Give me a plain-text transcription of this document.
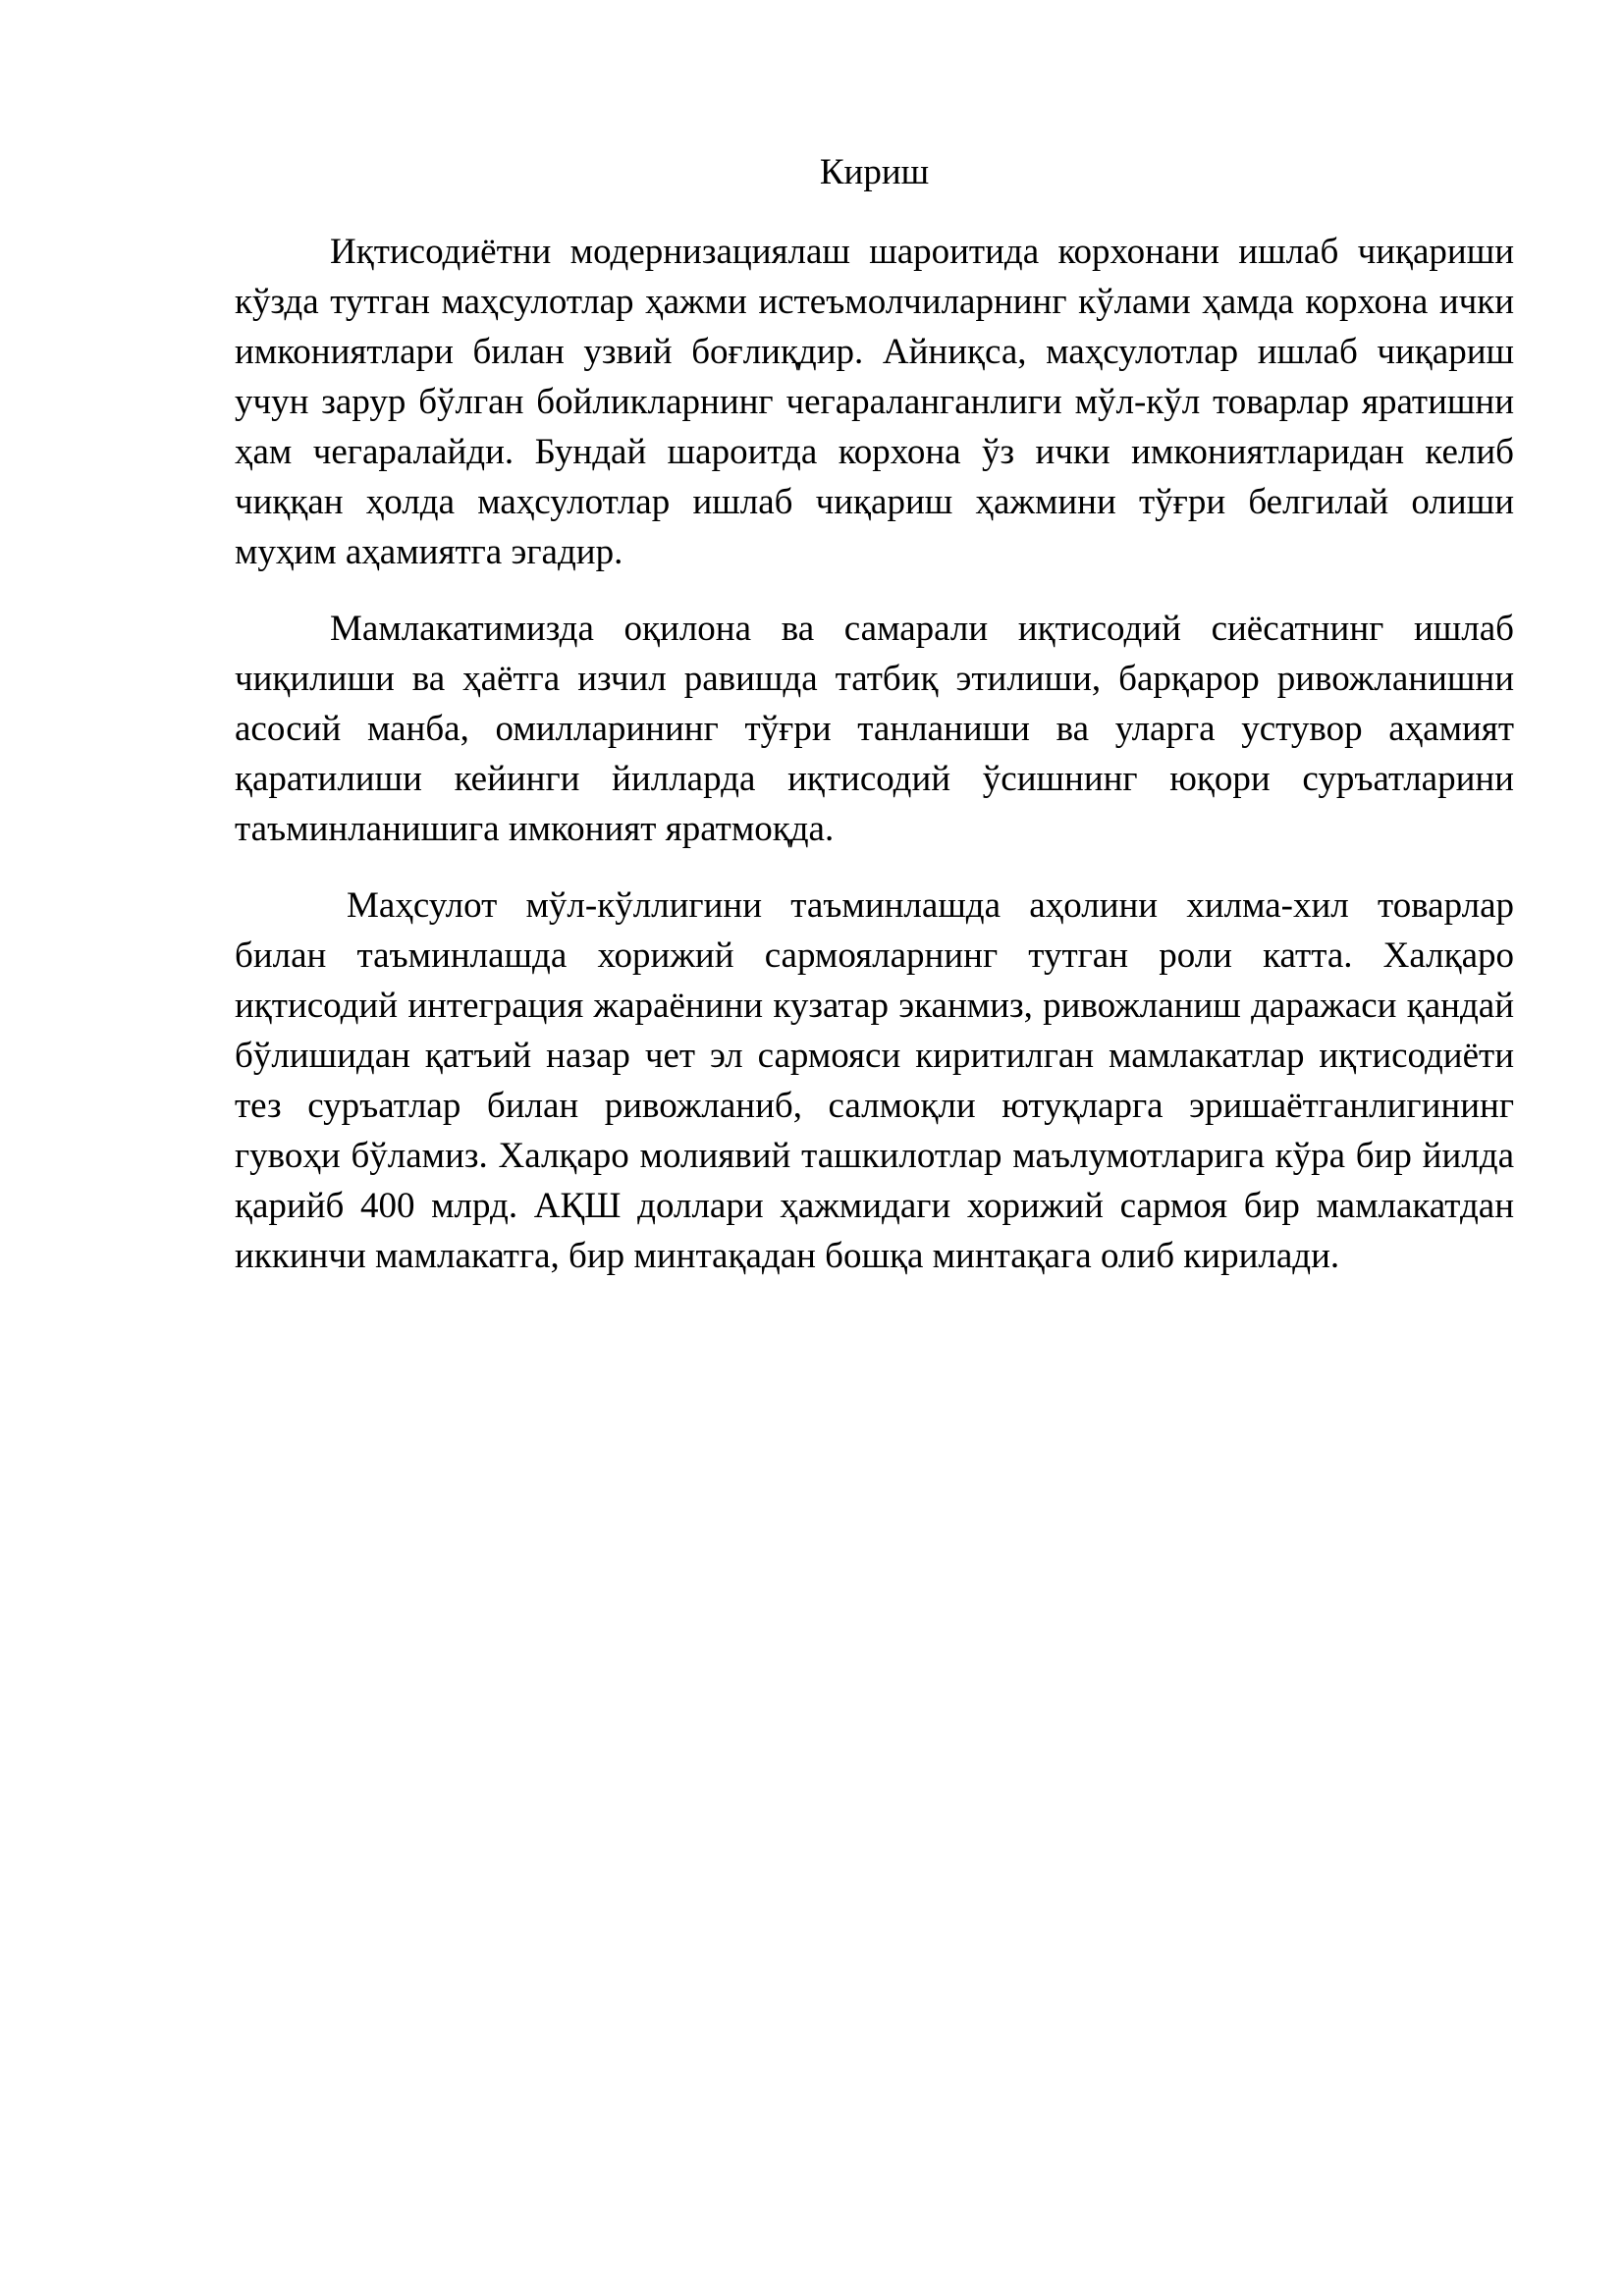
Кириш

Иқтисодиётни модернизациялаш шароитида корхонани ишлаб чиқариши кўзда тутган маҳсулотлар ҳажми истеъмолчиларнинг кўлами ҳамда корхона ички имкониятлари билан узвий боғлиқдир. Айниқса, маҳсулотлар ишлаб чиқариш учун зарур бўлган бойликларнинг чегараланганлиги мўл-кўл товарлар яратишни ҳам чегаралайди. Бундай шароитда корхона ўз ички имкониятларидан келиб чиққан ҳолда маҳсулотлар ишлаб чиқариш ҳажмини тўғри белгилай олиши муҳим аҳамиятга эгадир.

Мамлакатимизда оқилона ва самарали иқтисодий сиёсатнинг ишлаб чиқилиши ва ҳаётга изчил равишда татбиқ этилиши, барқарор ривожланишни асосий манба, омилларининг тўғри танланиши ва уларга устувор аҳамият қаратилиши кейинги йилларда иқтисодий ўсишнинг юқори суръатларини таъминланишига имконият яратмоқда.

Маҳсулот мўл-кўллигини таъминлашда аҳолини хилма-хил товарлар билан таъминлашда хорижий сармояларнинг тутган роли катта. Халқаро иқтисодий интеграция жараёнини кузатар эканмиз, ривожланиш даражаси қандай бўлишидан қатъий назар чет эл сармояси киритилган мамлакатлар иқтисодиёти тез суръатлар билан ривожланиб, салмоқли ютуқларга эришаётганлигининг гувоҳи бўламиз. Халқаро молиявий ташкилотлар маълумотларига кўра бир йилда қарийб 400 млрд. АҚШ доллари ҳажмидаги хорижий сармоя бир мамлакатдан иккинчи мамлакатга, бир минтақадан бошқа минтақага олиб кирилади.
